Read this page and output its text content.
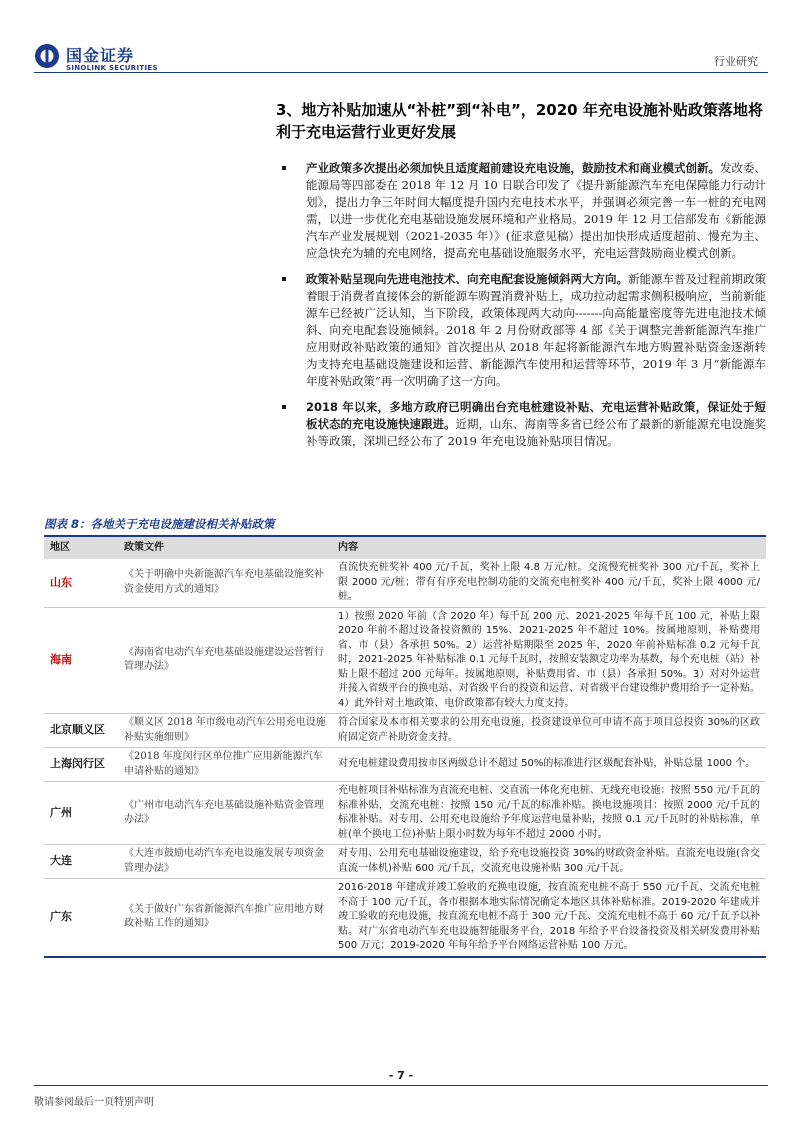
国金证券
SINOLINK SECURITIES	行业研究
3、地方补贴加速从“补桩”到“补电”，2020 年充电设施补贴政策落地将利于充电运营行业更好发展
产业政策多次提出必须加快且适度超前建设充电设施，鼓励技术和商业模式创新。发改委、能源局等四部委在 2018 年 12 月 10 日联合印发了《提升新能源汽车充电保障能力行动计划》，提出力争三年时间大幅度提升国内充电技术水平，并强调必须完善一车一桩的充电网需，以进一步优化充电基础设施发展环境和产业格局。2019 年 12 月工信部发布《新能源汽车产业发展规划（2021-2035 年）》(征求意见稿）提出加快形成适度超前、慢充为主、应急快充为辅的充电网络，提高充电基础设施服务水平，充电运营鼓励商业模式创新。
政策补贴呈现向先进电池技术、向充电配套设施倾斜两大方向。新能源车普及过程前期政策着眼于消费者直接体会的新能源车购置消费补贴上，成功拉动起需求侧积极响应，当前新能源车已经被广泛认知，当下阶段，政策体现两大动向-------向高能量密度等先进电池技术倾斜、向充电配套设施倾斜。2018 年 2 月份财政部等 4 部《关于调整完善新能源汽车推广应用财政补贴政策的通知》首次提出从 2018 年起将新能源汽车地方购置补贴资金逐渐转为支持充电基础设施建设和运营、新能源汽车使用和运营等环节，2019 年 3 月“新能源车年度补贴政策”再一次明确了这一方向。
2018 年以来，多地方政府已明确出台充电桩建设补贴、充电运营补贴政策，保证处于短板状态的充电设施快速跟进。近期，山东、海南等多省已经公布了最新的新能源充电设施奖补等政策，深圳已经公布了 2019 年充电设施补贴项目情况。
图表 8：各地关于充电设施建设相关补贴政策
地区	政策文件	内容
山东	《关于明确中央新能源汽车充电基础设施奖补资金使用方式的通知》	直流快充桩奖补 400 元/千瓦，奖补上限 4.8 万元/桩。交流慢充桩奖补 300 元/千瓦，奖补上限 2000 元/桩；带有有序充电控制功能的交流充电桩奖补 400 元/千瓦，奖补上限 4000 元/桩。
海南	《海南省电动汽车充电基础设施建设运营暂行管理办法》	1）按照 2020 年前（含 2020 年）每千瓦 200 元、2021-2025 年每千瓦 100 元，补贴上限 2020 年前不超过设备投资额的 15%、2021-2025 年不超过 10%。按属地原则，补贴费用省、市（县）各承担 50%。2）运营补贴期限至 2025 年，2020 年前补贴标准 0.2 元每千瓦时，2021-2025 年补贴标准 0.1 元每千瓦时，按照安装额定功率为基数，每个充电桩（站）补贴上限不超过 200 元每年。按属地原则，补贴费用省、市（县）各承担 50%。3）对对外运营并接入省级平台的换电站、对省级平台的投资和运营、对省级平台建设维护费用给予一定补贴。4）此外针对土地政策、电价政策都有较大力度支持。
北京顺义区	《顺义区 2018 年市级电动汽车公用充电设施补贴实施细则》	符合国家及本市相关要求的公用充电设施，投资建设单位可申请不高于项目总投资 30%的区政府固定资产补助资金支持。
上海闵行区	《2018 年度闵行区单位推广应用新能源汽车申请补贴的通知》	对充电桩建设费用按市区两级总计不超过 50%的标准进行区级配套补贴，补贴总量 1000 个。
广州	《广州市电动汽车充电基础设施补贴资金管理办法》	充电桩项目补贴标准为直流充电桩、交直流一体化充电桩、无线充电设施：按照 550 元/千瓦的标准补贴，交流充电桩：按照 150 元/千瓦的标准补贴。换电设施项目：按照 2000 元/千瓦的标准补贴。对专用、公用充电设施给予年度运营电量补贴，按照 0.1 元/千瓦时的补贴标准，单桩(单个换电工位)补贴上限小时数为每年不超过 2000 小时。
大连	《大连市鼓励电动汽车充电设施发展专项资金管理办法》	对专用、公用充电基础设施建设，给予充电设施投资 30%的财政资金补贴。直流充电设施(含交直流一体机)补贴 600 元/千瓦，交流充电设施补贴 300 元/千瓦。
广东	《关于做好广东省新能源汽车推广应用地方财政补贴工作的通知》	2016-2018 年建成并竣工验收的充换电设施，按直流充电桩不高于 550 元/千瓦、交流充电桩不高于 100 元/千瓦，各市根据本地实际情况确定本地区具体补贴标准。2019-2020 年建成并竣工验收的充电设施，按直流充电桩不高于 300 元/千瓦、交流充电桩不高于 60 元/千瓦予以补贴。对广东省电动汽车充电设施智能服务平台，2018 年给予平台设备投资及相关研发费用补贴 500 万元；2019-2020 年每年给予平台网络运营补贴 100 万元。
- 7 -
敬请参阅最后一页特别声明
